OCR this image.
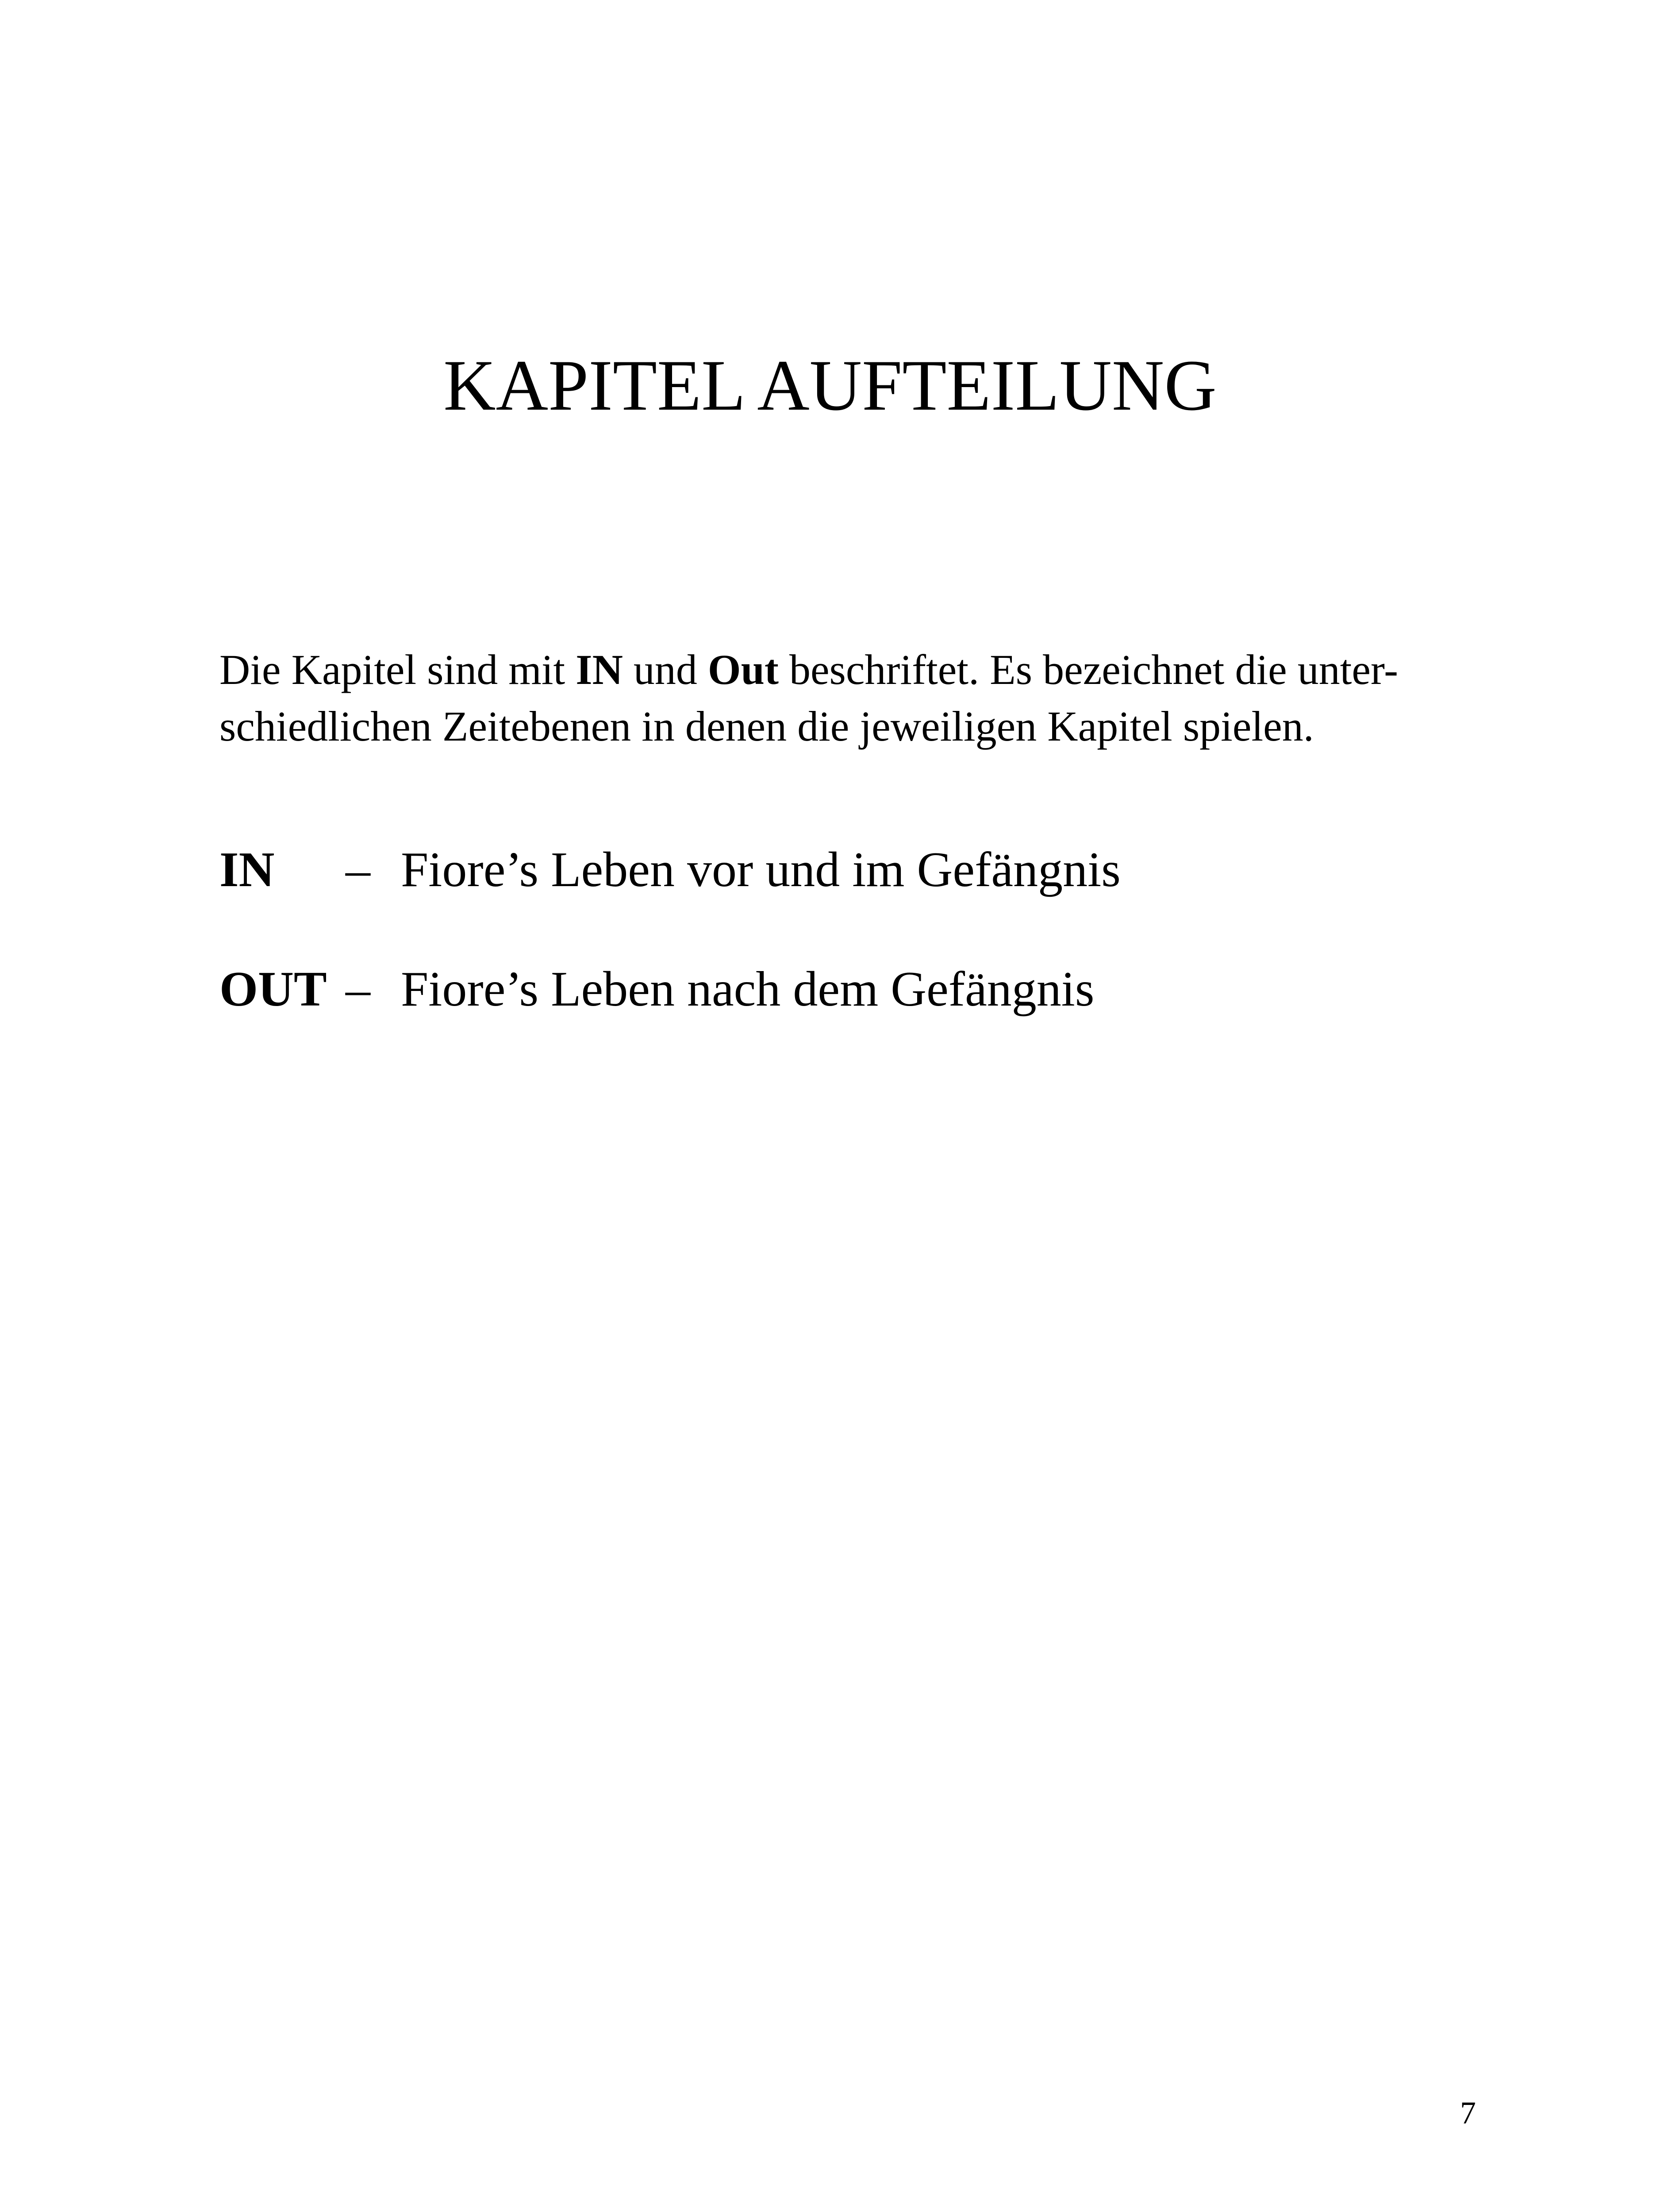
KAPITEL AUFTEILUNG

Die Kapitel sind mit IN und Out beschriftet. Es bezeichnet die unter-
schiedlichen Zeitebenen in denen die jeweiligen Kapitel spielen.

IN – Fiore’s Leben vor und im Gefängnis
OUT – Fiore’s Leben nach dem Gefängnis
7
